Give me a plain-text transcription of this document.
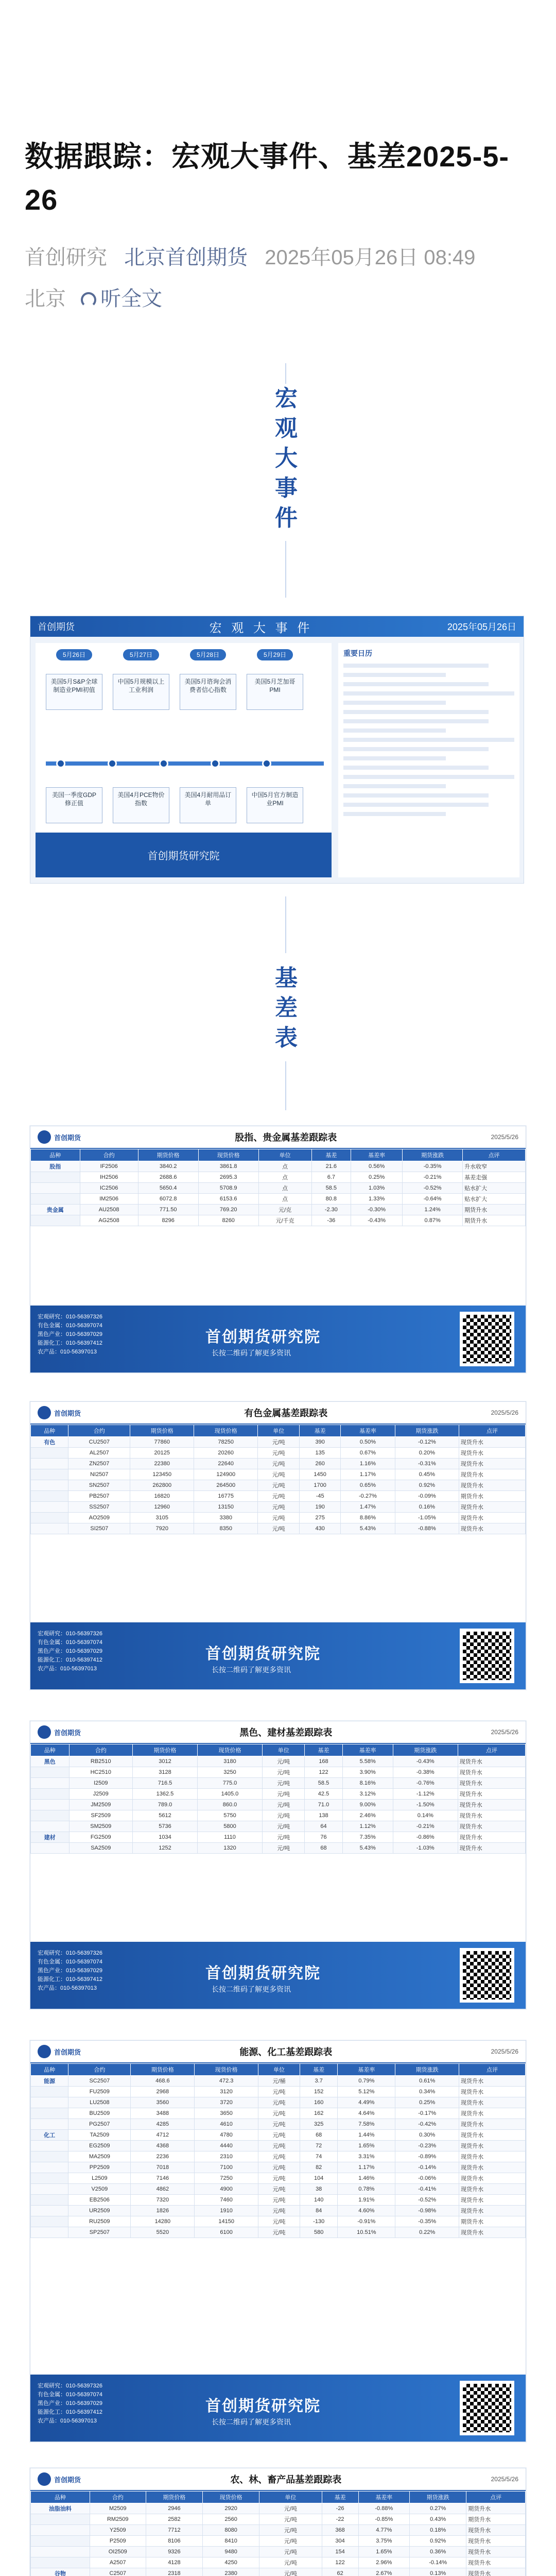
数据跟踪：宏观大事件、基差2025-5-26
首创研究 北京首创期货 2025年05月26日 08:49
北京 听全文
宏
观
大
事
件
首创期货	宏 观 大 事 件	2025年05月26日
5月26日	5月27日	5月28日	5月29日
美国5月S&P全球制造业PMI初值
中国5月规模以上工业利润
美国5月谘询会消费者信心指数
美国5月芝加哥PMI
美国一季度GDP修正值
美国4月PCE物价指数
美国4月耐用品订单
中国5月官方制造业PMI
首创期货研究院
重要日历
基
差
表
首创期货	股指、贵金属基差跟踪表	2025/5/26
品种	合约	期货价格	现货价格	单位	基差	基差率	期货涨跌	点评
股指	IF2506	3840.2	3861.8	点	21.6	0.56%	-0.35%	升水收窄
	IH2506	2688.6	2695.3	点	6.7	0.25%	-0.21%	基差走强
	IC2506	5650.4	5708.9	点	58.5	1.03%	-0.52%	贴水扩大
	IM2506	6072.8	6153.6	点	80.8	1.33%	-0.64%	贴水扩大
贵金属	AU2508	771.50	769.20	元/克	-2.30	-0.30%	1.24%	期货升水
	AG2508	8296	8260	元/千克	-36	-0.43%	0.87%	期货升水
宏观研究：010-56397326
有色金属：010-56397074
黑色产业：010-56397029
能源化工：010-56397412
农产品：010-56397013
首创期货研究院
长按二维码了解更多资讯
首创期货	有色金属基差跟踪表	2025/5/26
品种	合约	期货价格	现货价格	单位	基差	基差率	期货涨跌	点评
有色	CU2507	77860	78250	元/吨	390	0.50%	-0.12%	现货升水
	AL2507	20125	20260	元/吨	135	0.67%	0.20%	现货升水
	ZN2507	22380	22640	元/吨	260	1.16%	-0.31%	现货升水
	NI2507	123450	124900	元/吨	1450	1.17%	0.45%	现货升水
	SN2507	262800	264500	元/吨	1700	0.65%	0.92%	现货升水
	PB2507	16820	16775	元/吨	-45	-0.27%	-0.09%	期货升水
	SS2507	12960	13150	元/吨	190	1.47%	0.16%	现货升水
	AO2509	3105	3380	元/吨	275	8.86%	-1.05%	现货升水
	SI2507	7920	8350	元/吨	430	5.43%	-0.88%	现货升水
宏观研究：010-56397326
有色金属：010-56397074
黑色产业：010-56397029
能源化工：010-56397412
农产品：010-56397013
首创期货研究院
长按二维码了解更多资讯
首创期货	黑色、建材基差跟踪表	2025/5/26
品种	合约	期货价格	现货价格	单位	基差	基差率	期货涨跌	点评
黑色	RB2510	3012	3180	元/吨	168	5.58%	-0.43%	现货升水
	HC2510	3128	3250	元/吨	122	3.90%	-0.38%	现货升水
	I2509	716.5	775.0	元/吨	58.5	8.16%	-0.76%	现货升水
	J2509	1362.5	1405.0	元/吨	42.5	3.12%	-1.12%	现货升水
	JM2509	789.0	860.0	元/吨	71.0	9.00%	-1.50%	现货升水
	SF2509	5612	5750	元/吨	138	2.46%	0.14%	现货升水
	SM2509	5736	5800	元/吨	64	1.12%	-0.21%	现货升水
建材	FG2509	1034	1110	元/吨	76	7.35%	-0.86%	现货升水
	SA2509	1252	1320	元/吨	68	5.43%	-1.03%	现货升水
宏观研究：010-56397326
有色金属：010-56397074
黑色产业：010-56397029
能源化工：010-56397412
农产品：010-56397013
首创期货研究院
长按二维码了解更多资讯
首创期货	能源、化工基差跟踪表	2025/5/26
品种	合约	期货价格	现货价格	单位	基差	基差率	期货涨跌	点评
能源	SC2507	468.6	472.3	元/桶	3.7	0.79%	0.61%	现货升水
	FU2509	2968	3120	元/吨	152	5.12%	0.34%	现货升水
	LU2508	3560	3720	元/吨	160	4.49%	0.25%	现货升水
	BU2509	3488	3650	元/吨	162	4.64%	-0.17%	现货升水
	PG2507	4285	4610	元/吨	325	7.58%	-0.42%	现货升水
化工	TA2509	4712	4780	元/吨	68	1.44%	0.30%	现货升水
	EG2509	4368	4440	元/吨	72	1.65%	-0.23%	现货升水
	MA2509	2236	2310	元/吨	74	3.31%	-0.89%	现货升水
	PP2509	7018	7100	元/吨	82	1.17%	-0.14%	现货升水
	L2509	7146	7250	元/吨	104	1.46%	-0.06%	现货升水
	V2509	4862	4900	元/吨	38	0.78%	-0.41%	现货升水
	EB2506	7320	7460	元/吨	140	1.91%	-0.52%	现货升水
	UR2509	1826	1910	元/吨	84	4.60%	-0.98%	现货升水
	RU2509	14280	14150	元/吨	-130	-0.91%	-0.35%	期货升水
	SP2507	5520	6100	元/吨	580	10.51%	0.22%	现货升水
宏观研究：010-56397326
有色金属：010-56397074
黑色产业：010-56397029
能源化工：010-56397412
农产品：010-56397013
首创期货研究院
长按二维码了解更多资讯
首创期货	农、林、畜产品基差跟踪表	2025/5/26
品种	合约	期货价格	现货价格	单位	基差	基差率	期货涨跌	点评
油脂油料	M2509	2946	2920	元/吨	-26	-0.88%	0.27%	期货升水
	RM2509	2582	2560	元/吨	-22	-0.85%	0.43%	期货升水
	Y2509	7712	8080	元/吨	368	4.77%	0.18%	现货升水
	P2509	8106	8410	元/吨	304	3.75%	0.92%	现货升水
	OI2509	9326	9480	元/吨	154	1.65%	0.36%	现货升水
	A2507	4128	4250	元/吨	122	2.96%	-0.14%	现货升水
谷物	C2507	2318	2380	元/吨	62	2.67%	0.13%	现货升水
